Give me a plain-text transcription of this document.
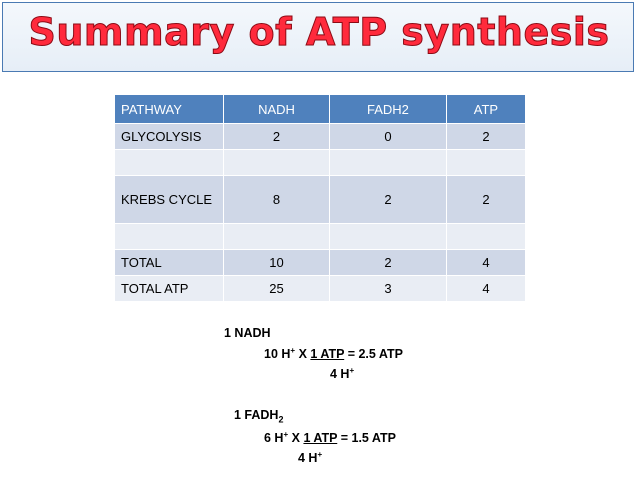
Summary of ATP synthesis
PATHWAY	NADH	FADH2	ATP
GLYCOLYSIS	2	0	2

KREBS CYCLE	8	2	2

TOTAL	10	2	4
TOTAL ATP	25	3	4
1 NADH
10 H+ X 1 ATP = 2.5 ATP
4 H+
1 $FADH_2$
6 H+ X 1 ATP = 1.5 ATP
4 H+
